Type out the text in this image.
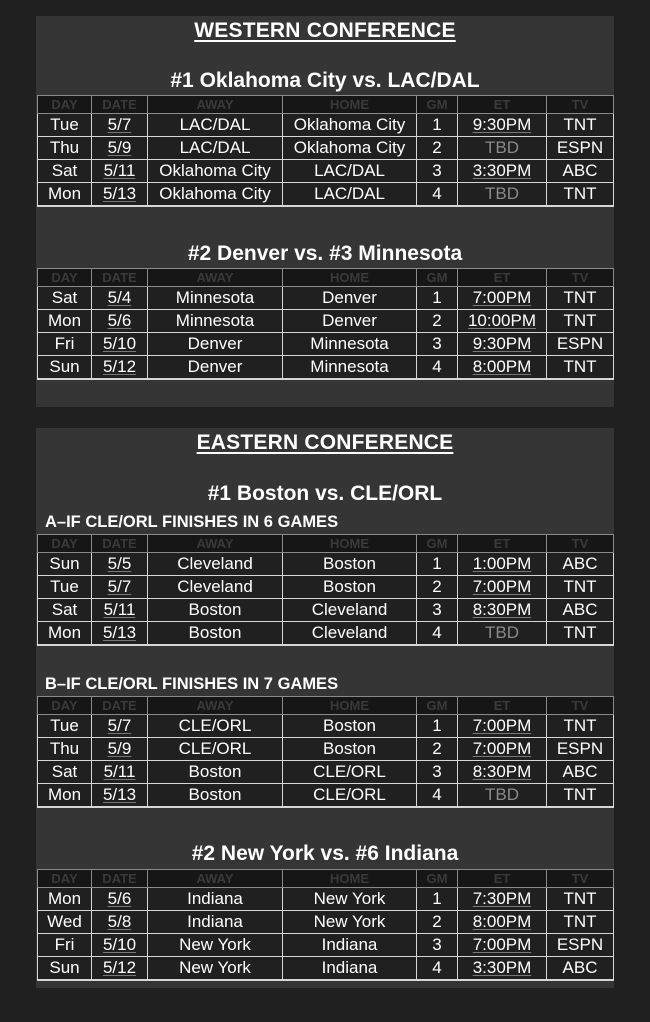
WESTERN CONFERENCE
#1 Oklahoma City vs. LAC/DAL
DAY	DATE	AWAY	HOME	GM	ET	TV
Tue	5/7	LAC/DAL	Oklahoma City	1	9:30PM	TNT
Thu	5/9	LAC/DAL	Oklahoma City	2	TBD	ESPN
Sat	5/11	Oklahoma City	LAC/DAL	3	3:30PM	ABC
Mon	5/13	Oklahoma City	LAC/DAL	4	TBD	TNT
#2 Denver vs. #3 Minnesota
DAY	DATE	AWAY	HOME	GM	ET	TV
Sat	5/4	Minnesota	Denver	1	7:00PM	TNT
Mon	5/6	Minnesota	Denver	2	10:00PM	TNT
Fri	5/10	Denver	Minnesota	3	9:30PM	ESPN
Sun	5/12	Denver	Minnesota	4	8:00PM	TNT
EASTERN CONFERENCE
#1 Boston vs. CLE/ORL
A–IF CLE/ORL FINISHES IN 6 GAMES
DAY	DATE	AWAY	HOME	GM	ET	TV
Sun	5/5	Cleveland	Boston	1	1:00PM	ABC
Tue	5/7	Cleveland	Boston	2	7:00PM	TNT
Sat	5/11	Boston	Cleveland	3	8:30PM	ABC
Mon	5/13	Boston	Cleveland	4	TBD	TNT
B–IF CLE/ORL FINISHES IN 7 GAMES
DAY	DATE	AWAY	HOME	GM	ET	TV
Tue	5/7	CLE/ORL	Boston	1	7:00PM	TNT
Thu	5/9	CLE/ORL	Boston	2	7:00PM	ESPN
Sat	5/11	Boston	CLE/ORL	3	8:30PM	ABC
Mon	5/13	Boston	CLE/ORL	4	TBD	TNT
#2 New York vs. #6 Indiana
DAY	DATE	AWAY	HOME	GM	ET	TV
Mon	5/6	Indiana	New York	1	7:30PM	TNT
Wed	5/8	Indiana	New York	2	8:00PM	TNT
Fri	5/10	New York	Indiana	3	7:00PM	ESPN
Sun	5/12	New York	Indiana	4	3:30PM	ABC
